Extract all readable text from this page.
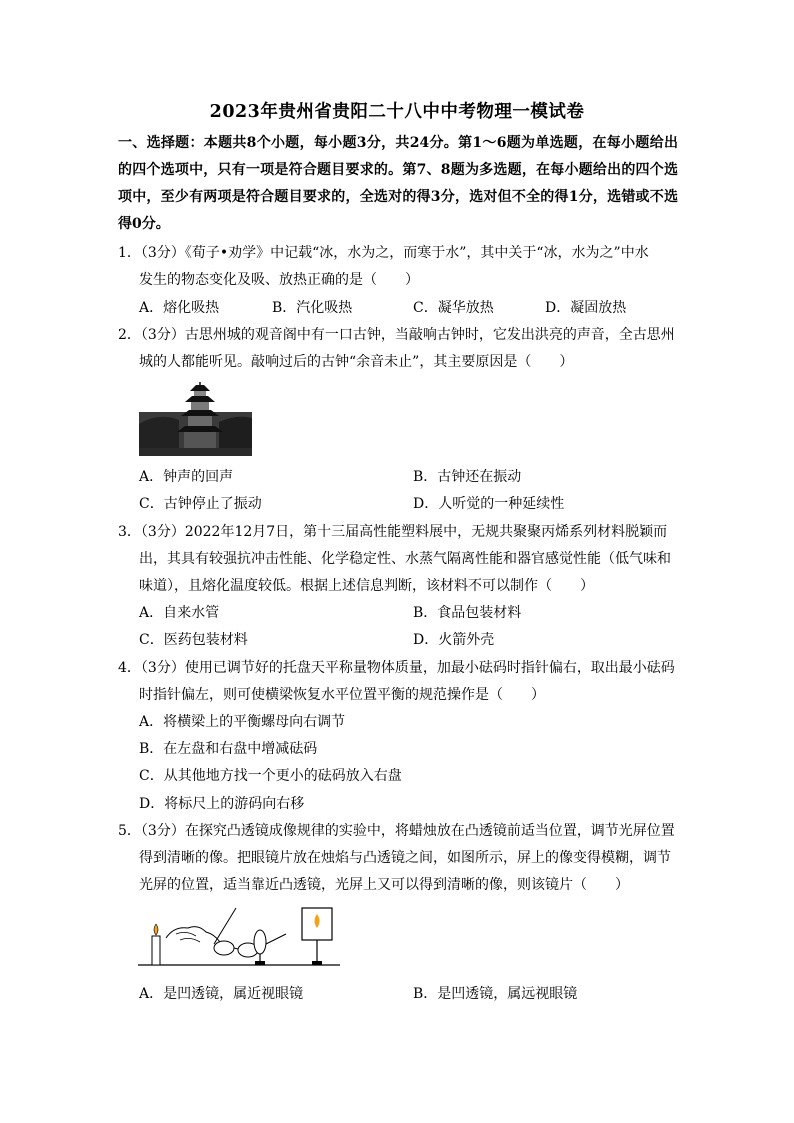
2023年贵州省贵阳二十八中中考物理一模试卷
一、选择题：本题共8个小题，每小题3分，共24分。第1～6题为单选题，在每小题给出的四个选项中，只有一项是符合题目要求的。第7、8题为多选题，在每小题给出的四个选项中，至少有两项是符合题目要求的，全选对的得3分，选对但不全的得1分，选错或不选得0分。
1．（3分）《荀子•劝学》中记载“冰，水为之，而寒于水”，其中关于“冰，水为之”中水
发生的物态变化及吸、放热正确的是（　　）
A．熔化吸热	B．汽化吸热	C．凝华放热	D．凝固放热
2．（3分）古思州城的观音阁中有一口古钟，当敲响古钟时，它发出洪亮的声音，全古思州
城的人都能听见。敲响过后的古钟“余音未止”，其主要原因是（　　）
A．钟声的回声	B．古钟还在振动
C．古钟停止了振动	D．人听觉的一种延续性
3．（3分）2022年12月7日，第十三届高性能塑料展中，无规共聚聚丙烯系列材料脱颖而
出，其具有较强抗冲击性能、化学稳定性、水蒸气隔离性能和器官感觉性能（低气味和
味道），且熔化温度较低。根据上述信息判断，该材料不可以制作（　　）
A．自来水管	B．食品包装材料
C．医药包装材料	D．火箭外壳
4．（3分）使用已调节好的托盘天平称量物体质量，加最小砝码时指针偏右，取出最小砝码
时指针偏左，则可使横梁恢复水平位置平衡的规范操作是（　　）
A．将横梁上的平衡螺母向右调节
B．在左盘和右盘中增减砝码
C．从其他地方找一个更小的砝码放入右盘
D．将标尺上的游码向右移
5．（3分）在探究凸透镜成像规律的实验中，将蜡烛放在凸透镜前适当位置，调节光屏位置
得到清晰的像。把眼镜片放在烛焰与凸透镜之间，如图所示，屏上的像变得模糊，调节
光屏的位置，适当靠近凸透镜，光屏上又可以得到清晰的像，则该镜片（　　）
A．是凹透镜，属近视眼镜	B．是凹透镜，属远视眼镜
